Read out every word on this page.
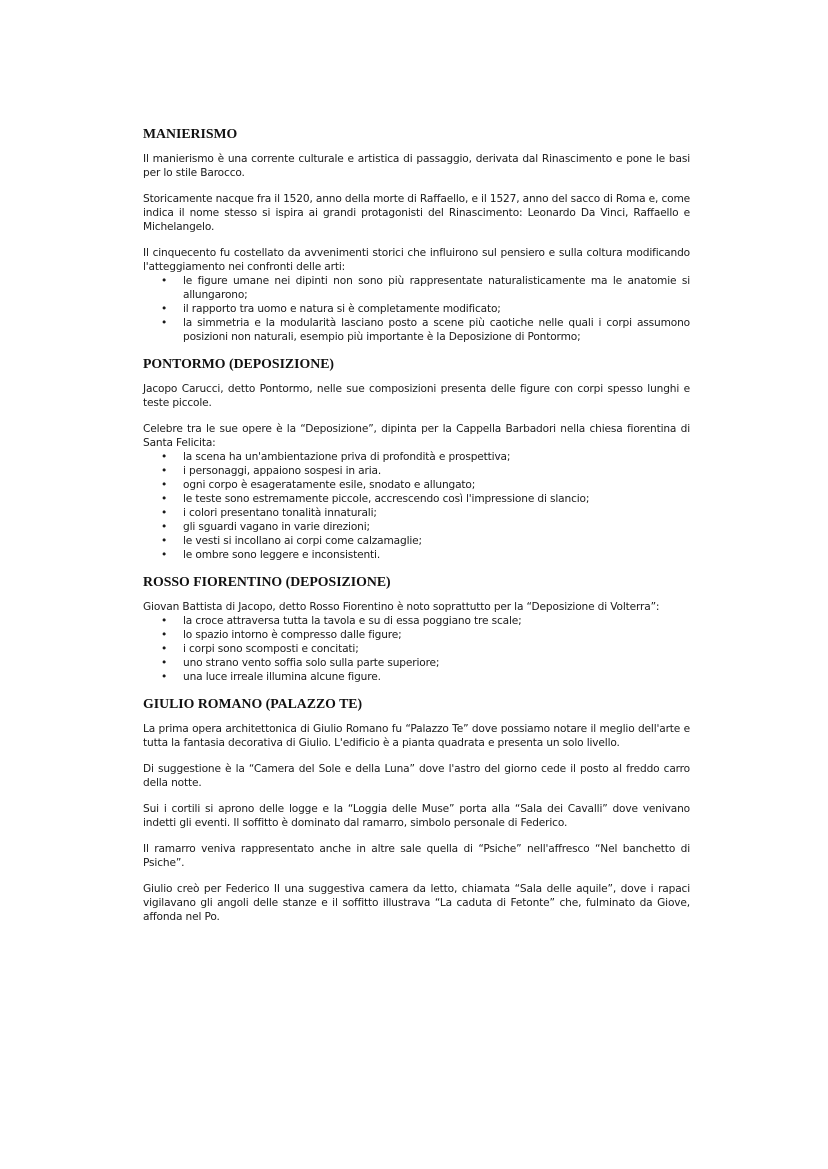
MANIERISMO

Il manierismo è una corrente culturale e artistica di passaggio, derivata dal Rinascimento e pone le basi per lo stile Barocco.

Storicamente nacque fra il 1520, anno della morte di Raffaello, e il 1527, anno del sacco di Roma e, come indica il nome stesso si ispira ai grandi protagonisti del Rinascimento: Leonardo Da Vinci, Raffaello e Michelangelo.

Il cinquecento fu costellato da avvenimenti storici che influirono sul pensiero e sulla coltura modificando l'atteggiamento nei confronti delle arti:

• le figure umane nei dipinti non sono più rappresentate naturalisticamente ma le anatomie si allungarono;
• il rapporto tra uomo e natura si è completamente modificato;
• la simmetria e la modularità lasciano posto a scene più caotiche nelle quali i corpi assumono posizioni non naturali, esempio più importante è la Deposizione di Pontormo;
PONTORMO (DEPOSIZIONE)

Jacopo Carucci, detto Pontormo, nelle sue composizioni presenta delle figure con corpi spesso lunghi e teste piccole.

Celebre tra le sue opere è la “Deposizione”, dipinta per la Cappella Barbadori nella chiesa fiorentina di Santa Felicita:

• la scena ha un'ambientazione priva di profondità e prospettiva;
• i personaggi, appaiono sospesi in aria.
• ogni corpo è esageratamente esile, snodato e allungato;
• le teste sono estremamente piccole, accrescendo così l'impressione di slancio;
• i colori presentano tonalità innaturali;
• gli sguardi vagano in varie direzioni;
• le vesti si incollano ai corpi come calzamaglie;
• le ombre sono leggere e inconsistenti.
ROSSO FIORENTINO (DEPOSIZIONE)

Giovan Battista di Jacopo, detto Rosso Fiorentino è noto soprattutto per la “Deposizione di Volterra”:

• la croce attraversa tutta la tavola e su di essa poggiano tre scale;
• lo spazio intorno è compresso dalle figure;
• i corpi sono scomposti e concitati;
• uno strano vento soffia solo sulla parte superiore;
• una luce irreale illumina alcune figure.
GIULIO ROMANO (PALAZZO TE)

La prima opera architettonica di Giulio Romano fu “Palazzo Te” dove possiamo notare il meglio dell'arte e tutta la fantasia decorativa di Giulio. L'edificio è a pianta quadrata e presenta un solo livello.

Di suggestione è la “Camera del Sole e della Luna” dove l'astro del giorno cede il posto al freddo carro della notte.

Sui i cortili si aprono delle logge e la “Loggia delle Muse” porta alla “Sala dei Cavalli” dove venivano indetti gli eventi. Il soffitto è dominato dal ramarro, simbolo personale di Federico.

Il ramarro veniva rappresentato anche in altre sale quella di “Psiche” nell'affresco “Nel banchetto di Psiche”.

Giulio creò per Federico II una suggestiva camera da letto, chiamata “Sala delle aquile”, dove i rapaci vigilavano gli angoli delle stanze e il soffitto illustrava “La caduta di Fetonte” che, fulminato da Giove, affonda nel Po.
